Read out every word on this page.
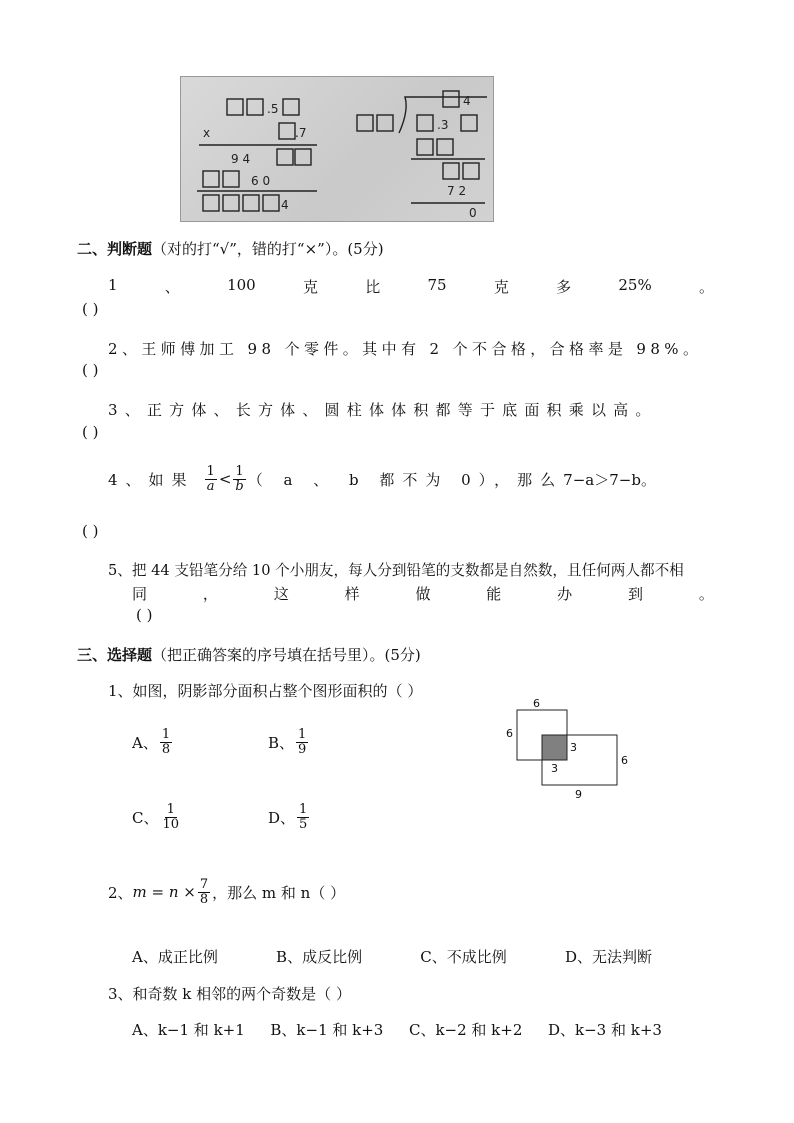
.5
x	.7
9 4
6 0
4
4
.3
7 2
0
二、判断题（对的打“√”，错的打“×”）。(5分)
1	、	100	克	比	75	克	多	25%	。
( )
2、王师傅加工 98 个零件。其中有 2 个不合格，合格率是 98%。
( )
3、正方体、长方体、圆柱体体积都等于底面积乘以高。
( )
4、如果 $\frac{1}{a} < \frac{1}{b}$ （ a 、 b 都不为 0），那么 7−a＞7−b。
( )
5、把 44 支铅笔分给 10 个小朋友，每人分到铅笔的支数都是自然数，且任何两人都不相
同	，	这	样	做	能	办	到	。
( )
三、选择题（把正确答案的序号填在括号里）。(5分)
1、如图，阴影部分面积占整个图形面积的（ ）
A、 $\frac{1}{8}$	B、 $\frac{1}{9}$
C、 $\frac{1}{10}$	D、 $\frac{1}{5}$
6
6
3
3
6
9
2、 $m = n \times \frac{7}{8}$ ，那么 m 和 n（ ）
A、成正比例	B、成反比例	C、不成比例	D、无法判断
3、和奇数 k 相邻的两个奇数是（ ）
A、k−1 和 k+1 B、k−1 和 k+3 C、k−2 和 k+2 D、k−3 和 k+3
